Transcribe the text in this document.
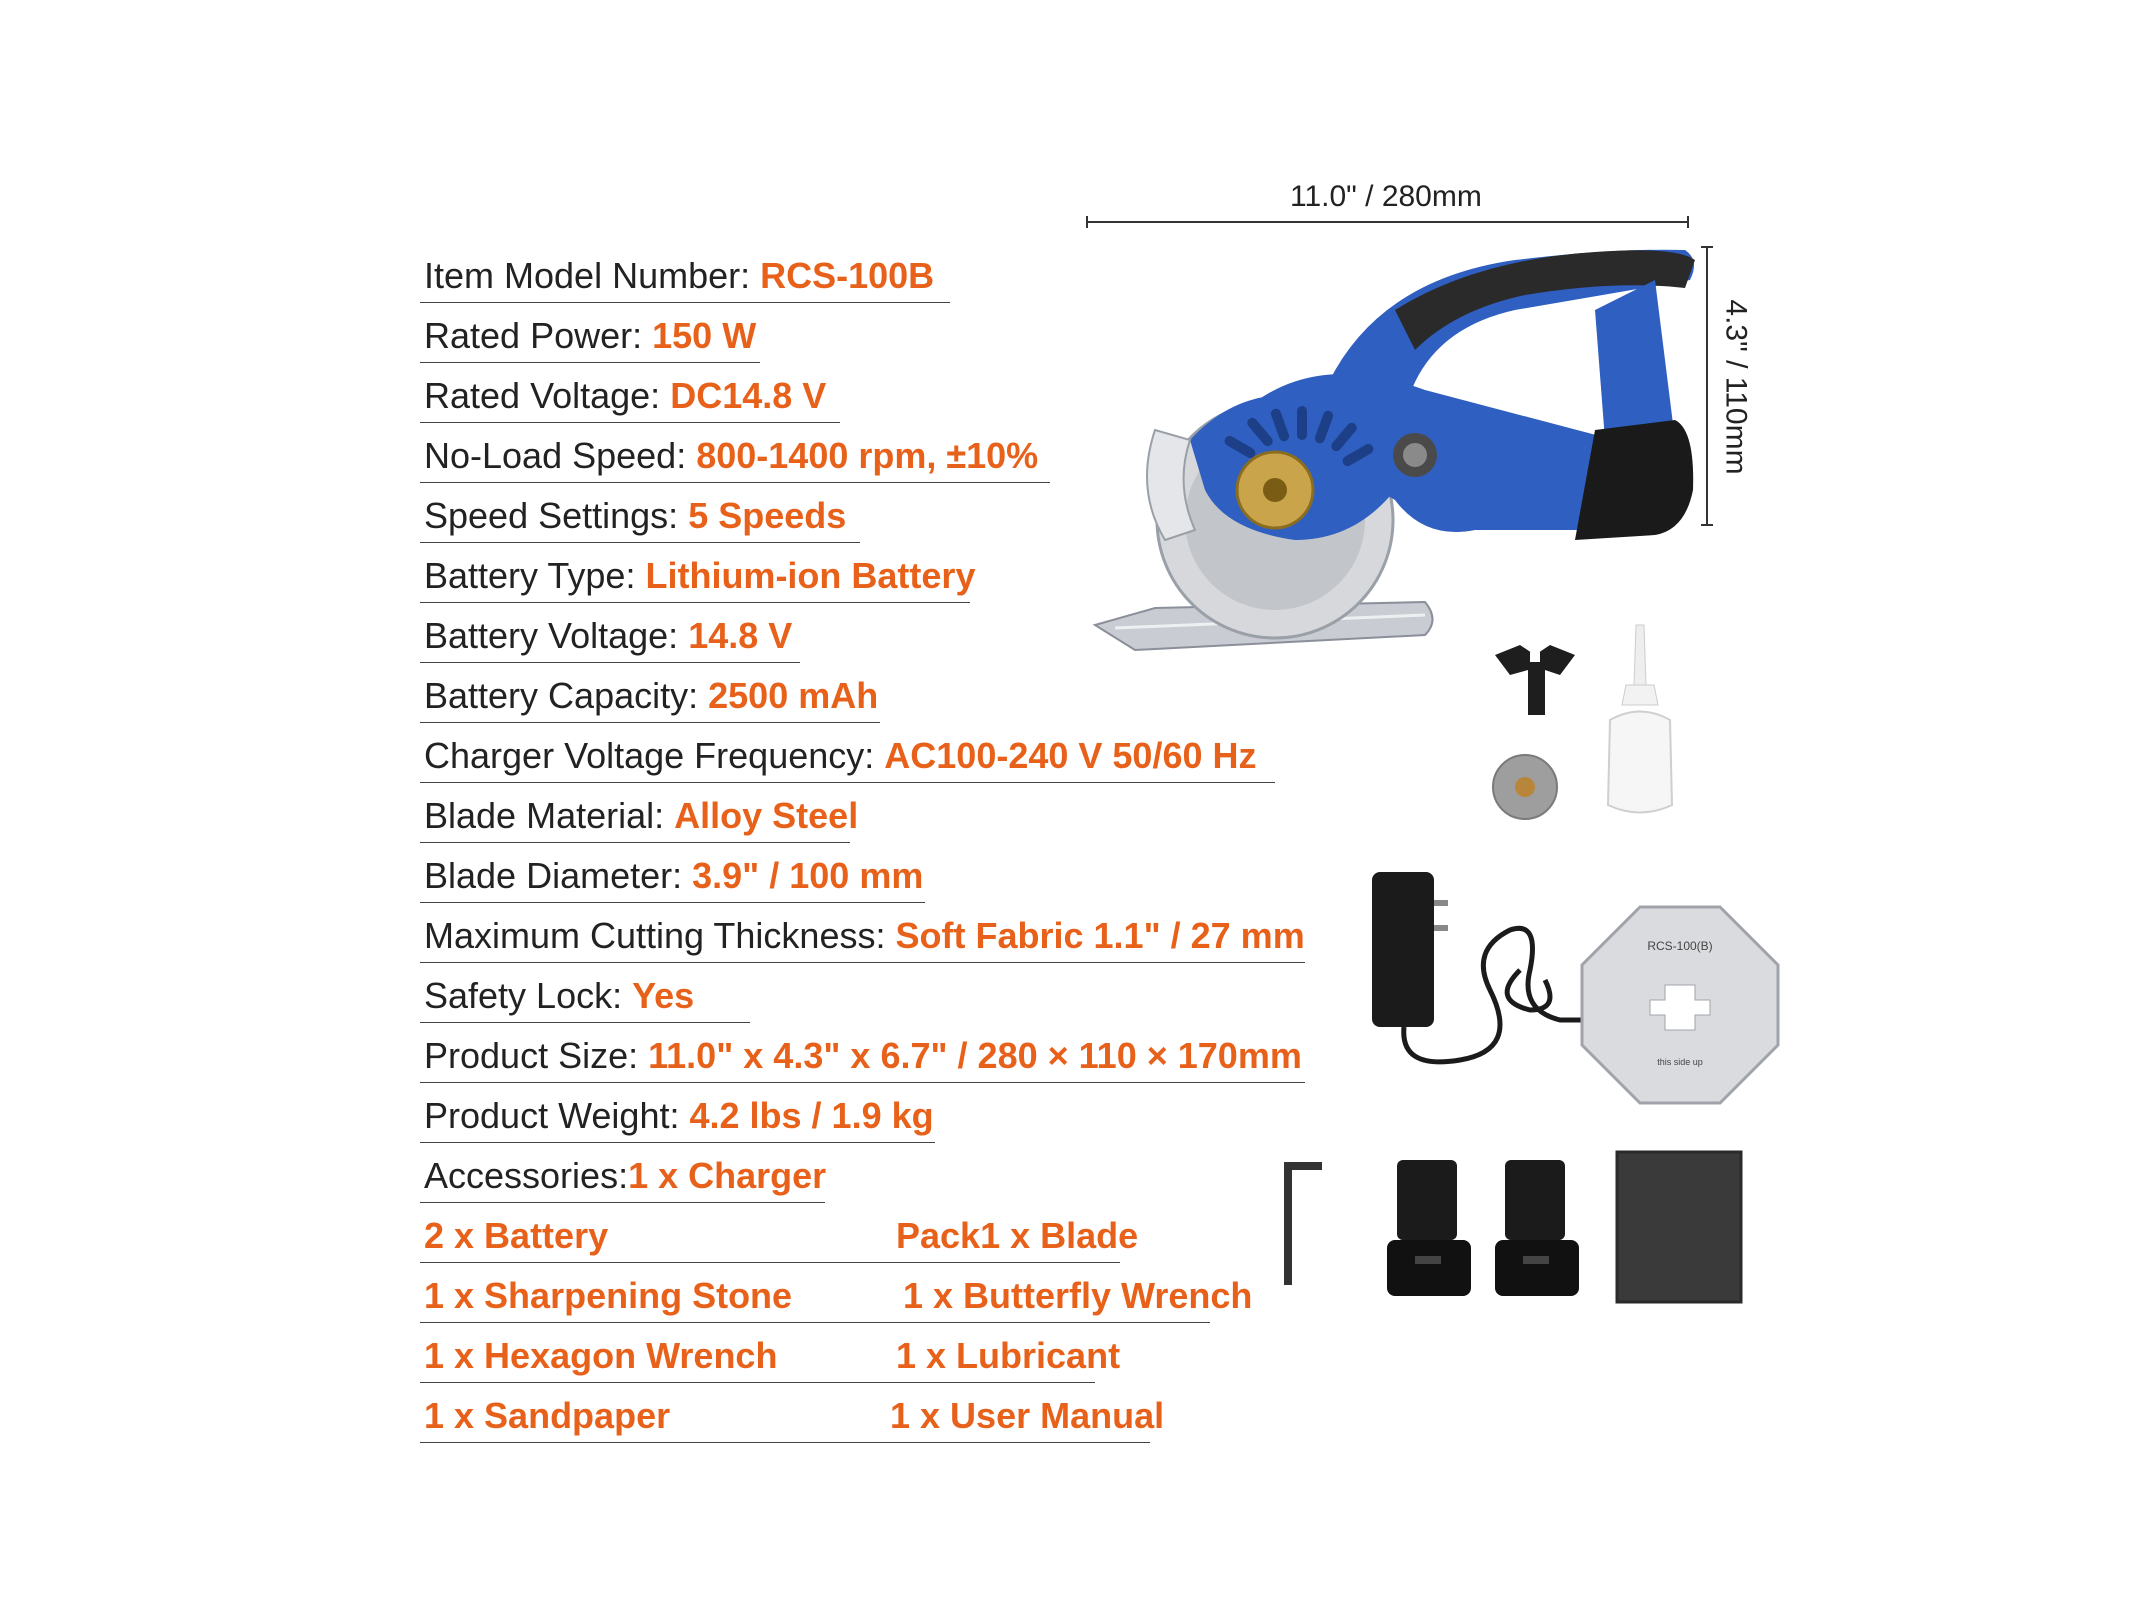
Item Model Number: RCS-100B
Rated Power: 150 W
Rated Voltage: DC14.8 V
No-Load Speed: 800-1400 rpm, ±10%
Speed Settings: 5 Speeds
Battery Type: Lithium-ion Battery
Battery Voltage: 14.8 V
Battery Capacity: 2500 mAh
Charger Voltage Frequency: AC100-240 V 50/60 Hz
Blade Material: Alloy Steel
Blade Diameter: 3.9" / 100 mm
Maximum Cutting Thickness: Soft Fabric 1.1" / 27 mm
Safety Lock: Yes
Product Size: 11.0" x 4.3" x 6.7" / 280 × 110 × 170mm
Product Weight: 4.2 lbs / 1.9 kg
Accessories:1 x Charger
2 x Battery	Pack1 x Blade
1 x Sharpening Stone	1 x Butterfly Wrench
1 x Hexagon Wrench	1 x Lubricant
1 x Sandpaper	1 x User Manual
11.0" / 280mm
4.3" / 110mm
RCS-100(B)
this side up
